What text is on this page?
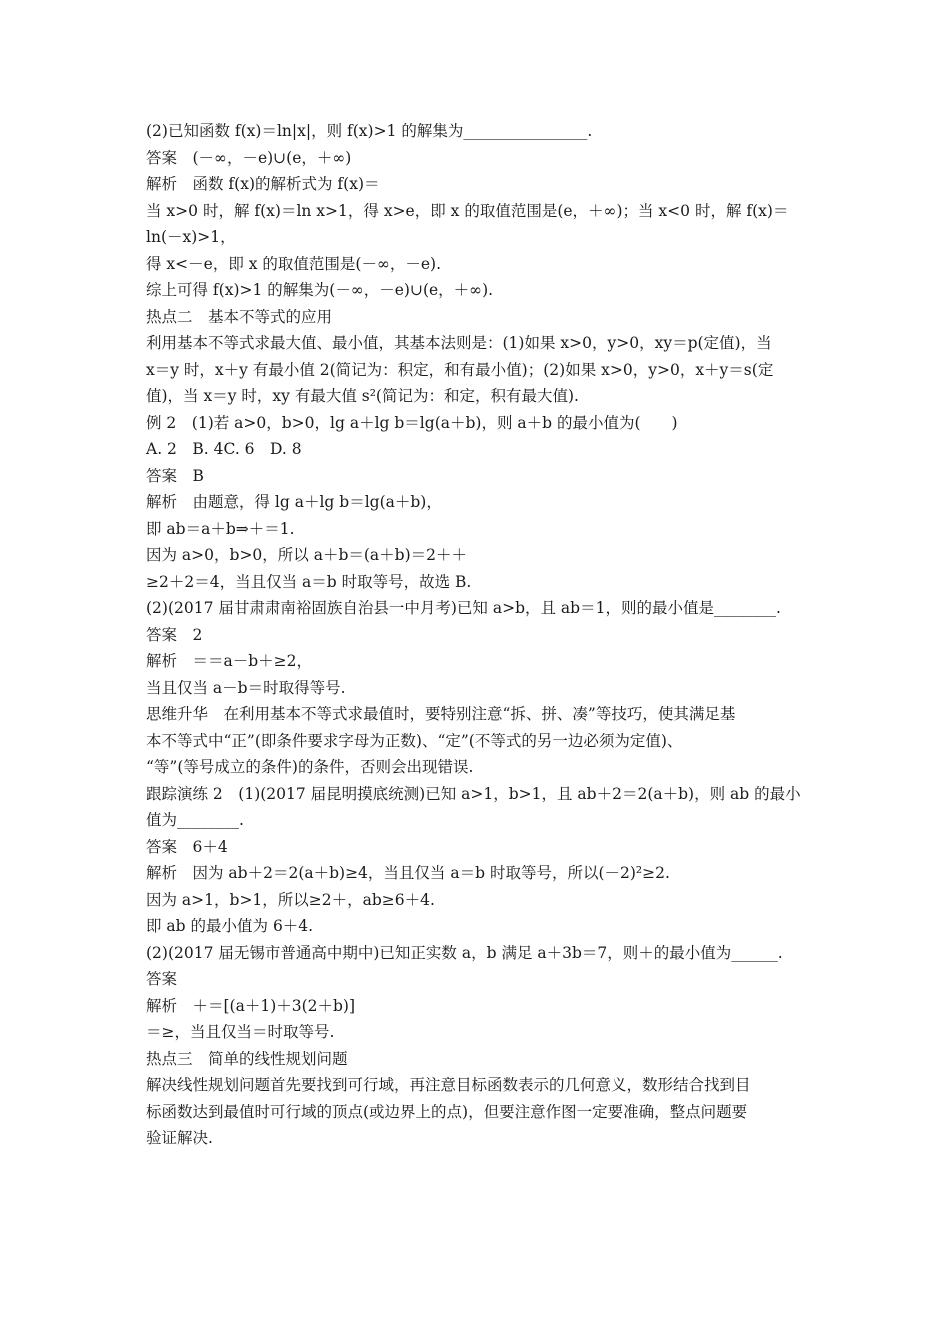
(2)已知函数 f(x)＝ln|x|，则 f(x)>1 的解集为________________.
答案　(－∞，－e)∪(e，＋∞)
解析　函数 f(x)的解析式为 f(x)＝
当 x>0 时，解 f(x)＝ln x>1，得 x>e，即 x 的取值范围是(e，＋∞)；当 x<0 时，解 f(x)＝
ln(－x)>1，
得 x<－e，即 x 的取值范围是(－∞，－e).
综上可得 f(x)>1 的解集为(－∞，－e)∪(e，＋∞).
热点二　基本不等式的应用
利用基本不等式求最大值、最小值，其基本法则是：(1)如果 x>0，y>0，xy＝p(定值)，当
x＝y 时，x＋y 有最小值 2(简记为：积定，和有最小值)；(2)如果 x>0，y>0，x＋y＝s(定
值)，当 x＝y 时，xy 有最大值 s²(简记为：和定，积有最大值).
例 2　(1)若 a>0，b>0，lg a＋lg b＝lg(a＋b)，则 a＋b 的最小值为(　　)
A. 2　B. 4C. 6　D. 8
答案　B
解析　由题意，得 lg a＋lg b＝lg(a＋b)，
即 ab＝a＋b⇒＋＝1.
因为 a>0，b>0，所以 a＋b＝(a＋b)＝2＋＋
≥2＋2＝4，当且仅当 a＝b 时取等号，故选 B.
(2)(2017 届甘肃肃南裕固族自治县一中月考)已知 a>b，且 ab＝1，则的最小值是________.
答案　2
解析　＝＝a－b＋≥2，
当且仅当 a－b＝时取得等号.
思维升华　在利用基本不等式求最值时，要特别注意“拆、拼、凑”等技巧，使其满足基
本不等式中“正”(即条件要求字母为正数)、“定”(不等式的另一边必须为定值)、
“等”(等号成立的条件)的条件，否则会出现错误.
跟踪演练 2　(1)(2017 届昆明摸底统测)已知 a>1，b>1，且 ab＋2＝2(a＋b)，则 ab 的最小
值为________.
答案　6＋4
解析　因为 ab＋2＝2(a＋b)≥4，当且仅当 a＝b 时取等号，所以(－2)²≥2.
因为 a>1，b>1，所以≥2＋，ab≥6＋4.
即 ab 的最小值为 6＋4.
(2)(2017 届无锡市普通高中期中)已知正实数 a，b 满足 a＋3b＝7，则＋的最小值为______.
答案
解析　＋＝[(a＋1)＋3(2＋b)]
＝≥，当且仅当＝时取等号.
热点三　简单的线性规划问题
解决线性规划问题首先要找到可行域，再注意目标函数表示的几何意义，数形结合找到目
标函数达到最值时可行域的顶点(或边界上的点)，但要注意作图一定要准确，整点问题要
验证解决.
